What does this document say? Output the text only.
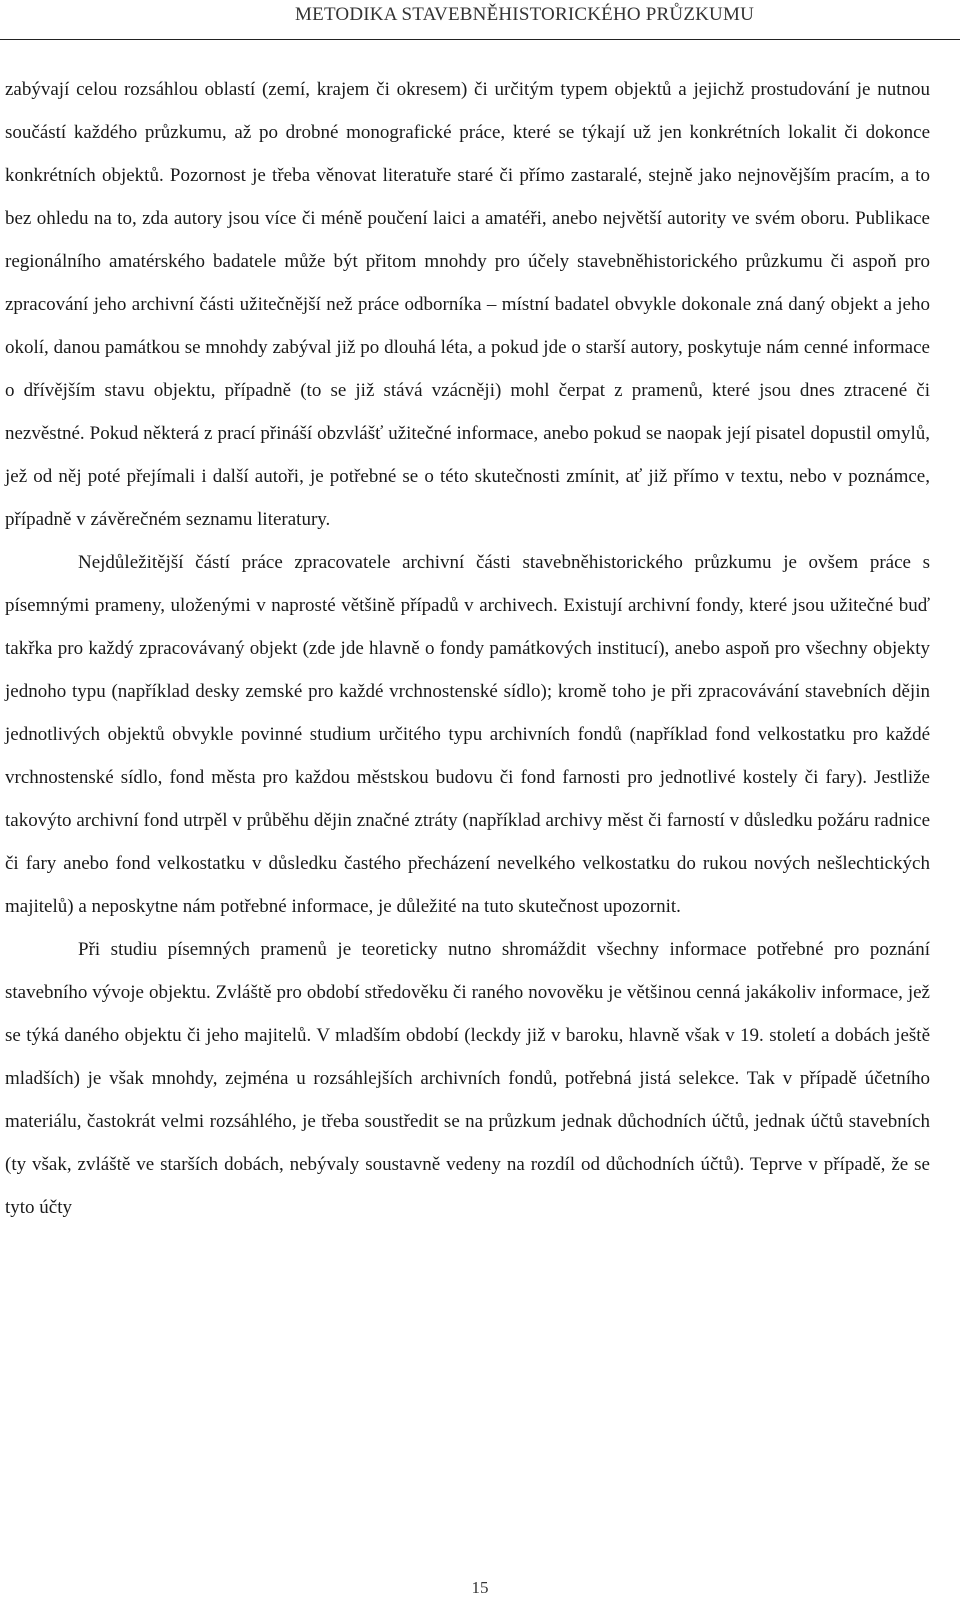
METODIKA STAVEBNĚHISTORICKÉHO PRŮZKUMU

zabývají celou rozsáhlou oblastí (zemí, krajem či okresem) či určitým typem objektů a jejichž prostudování je nutnou součástí každého průzkumu, až po drobné monografické práce, které se týkají už jen konkrétních lokalit či dokonce konkrétních objektů. Pozornost je třeba věnovat literatuře staré či přímo zastaralé, stejně jako nejnovějším pracím, a to bez ohledu na to, zda autory jsou více či méně poučení laici a amatéři, anebo největší autority ve svém oboru. Publikace regionálního amatérského badatele může být přitom mnohdy pro účely stavebněhistorického průzkumu či aspoň pro zpracování jeho archivní části užitečnější než práce odborníka – místní badatel obvykle dokonale zná daný objekt a jeho okolí, danou památkou se mnohdy zabýval již po dlouhá léta, a pokud jde o starší autory, poskytuje nám cenné informace o dřívějším stavu objektu, případně (to se již stává vzácněji) mohl čerpat z pramenů, které jsou dnes ztracené či nezvěstné. Pokud některá z prací přináší obzvlášť užitečné informace, anebo pokud se naopak její pisatel dopustil omylů, jež od něj poté přejímali i další autoři, je potřebné se o této skutečnosti zmínit, ať již přímo v textu, nebo v poznámce, případně v závěrečném seznamu literatury.

Nejdůležitější částí práce zpracovatele archivní části stavebněhistorického průzkumu je ovšem práce s písemnými prameny, uloženými v naprosté většině případů v archivech. Existují archivní fondy, které jsou užitečné buď takřka pro každý zpracovávaný objekt (zde jde hlavně o fondy památkových institucí), anebo aspoň pro všechny objekty jednoho typu (například desky zemské pro každé vrchnostenské sídlo); kromě toho je při zpracovávání stavebních dějin jednotlivých objektů obvykle povinné studium určitého typu archivních fondů (například fond velkostatku pro každé vrchnostenské sídlo, fond města pro každou městskou budovu či fond farnosti pro jednotlivé kostely či fary). Jestliže takovýto archivní fond utrpěl v průběhu dějin značné ztráty (například archivy měst či farností v důsledku požáru radnice či fary anebo fond velkostatku v důsledku častého přecházení nevelkého velkostatku do rukou nových nešlechtických majitelů) a neposkytne nám potřebné informace, je důležité na tuto skutečnost upozornit.

Při studiu písemných pramenů je teoreticky nutno shromáždit všechny informace potřebné pro poznání stavebního vývoje objektu. Zvláště pro období středověku či raného novověku je většinou cenná jakákoliv informace, jež se týká daného objektu či jeho majitelů. V mladším období (leckdy již v baroku, hlavně však v 19. století a dobách ještě mladších) je však mnohdy, zejména u rozsáhlejších archivních fondů, potřebná jistá selekce. Tak v případě účetního materiálu, častokrát velmi rozsáhlého, je třeba soustředit se na průzkum jednak důchodních účtů, jednak účtů stavebních (ty však, zvláště ve starších dobách, nebývaly soustavně vedeny na rozdíl od důchodních účtů). Teprve v případě, že se tyto účty

15
